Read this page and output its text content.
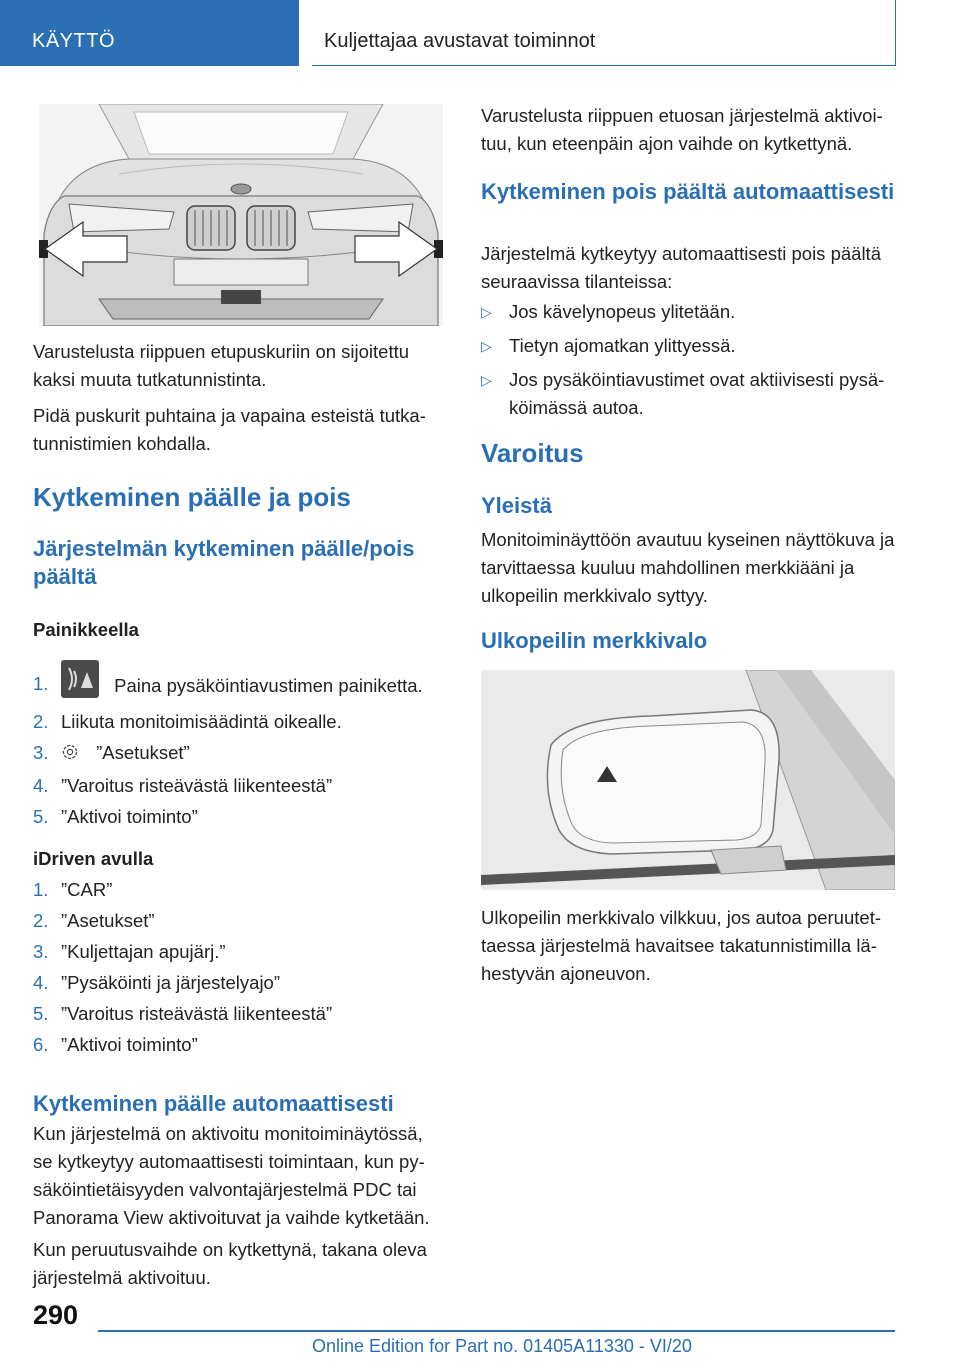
KÄYTTÖ	Kuljettajaa avustavat toiminnot

Varustelusta riippuen etupuskuriin on sijoitettu kaksi muuta tutkatunnistinta.

Pidä puskurit puhtaina ja vapaina esteistä tutka-tunnistimien kohdalla.

Kytkeminen päälle ja pois
Järjestelmän kytkeminen päälle/pois päältä
Painikkeella
1.	Paina pysäköintiavustimen painiketta.
2. Liikuta monitoimisäädintä oikealle.
3.	”Asetukset”
4. ”Varoitus risteävästä liikenteestä”
5. ”Aktivoi toiminto”
iDriven avulla
1. ”CAR”
2. ”Asetukset”
3. ”Kuljettajan apujärj.”
4. ”Pysäköinti ja järjestelyajo”
5. ”Varoitus risteävästä liikenteestä”
6. ”Aktivoi toiminto”
Kytkeminen päälle automaattisesti

Kun järjestelmä on aktivoitu monitoiminäytössä, se kytkeytyy automaattisesti toimintaan, kun py-säköintietäisyyden valvontajärjestelmä PDC tai Panorama View aktivoituvat ja vaihde kytketään.

Kun peruutusvaihde on kytkettynä, takana oleva järjestelmä aktivoituu.

Varustelusta riippuen etuosan järjestelmä aktivoi-tuu, kun eteenpäin ajon vaihde on kytkettynä.

Kytkeminen pois päältä automaattisesti

Järjestelmä kytkeytyy automaattisesti pois päältä seuraavissa tilanteissa:

▷ Jos kävelynopeus ylitetään.
▷ Tietyn ajomatkan ylittyessä.
▷ Jos pysäköintiavustimet ovat aktiivisesti pysä-köimässä autoa.
Varoitus
Yleistä

Monitoiminäyttöön avautuu kyseinen näyttökuva ja tarvittaessa kuuluu mahdollinen merkkiääni ja ulkopeilin merkkivalo syttyy.

Ulkopeilin merkkivalo

Ulkopeilin merkkivalo vilkkuu, jos autoa peruutet-taessa järjestelmä havaitsee takatunnistimilla lä-hestyvän ajoneuvon.

290
Online Edition for Part no. 01405A11330 - VI/20
